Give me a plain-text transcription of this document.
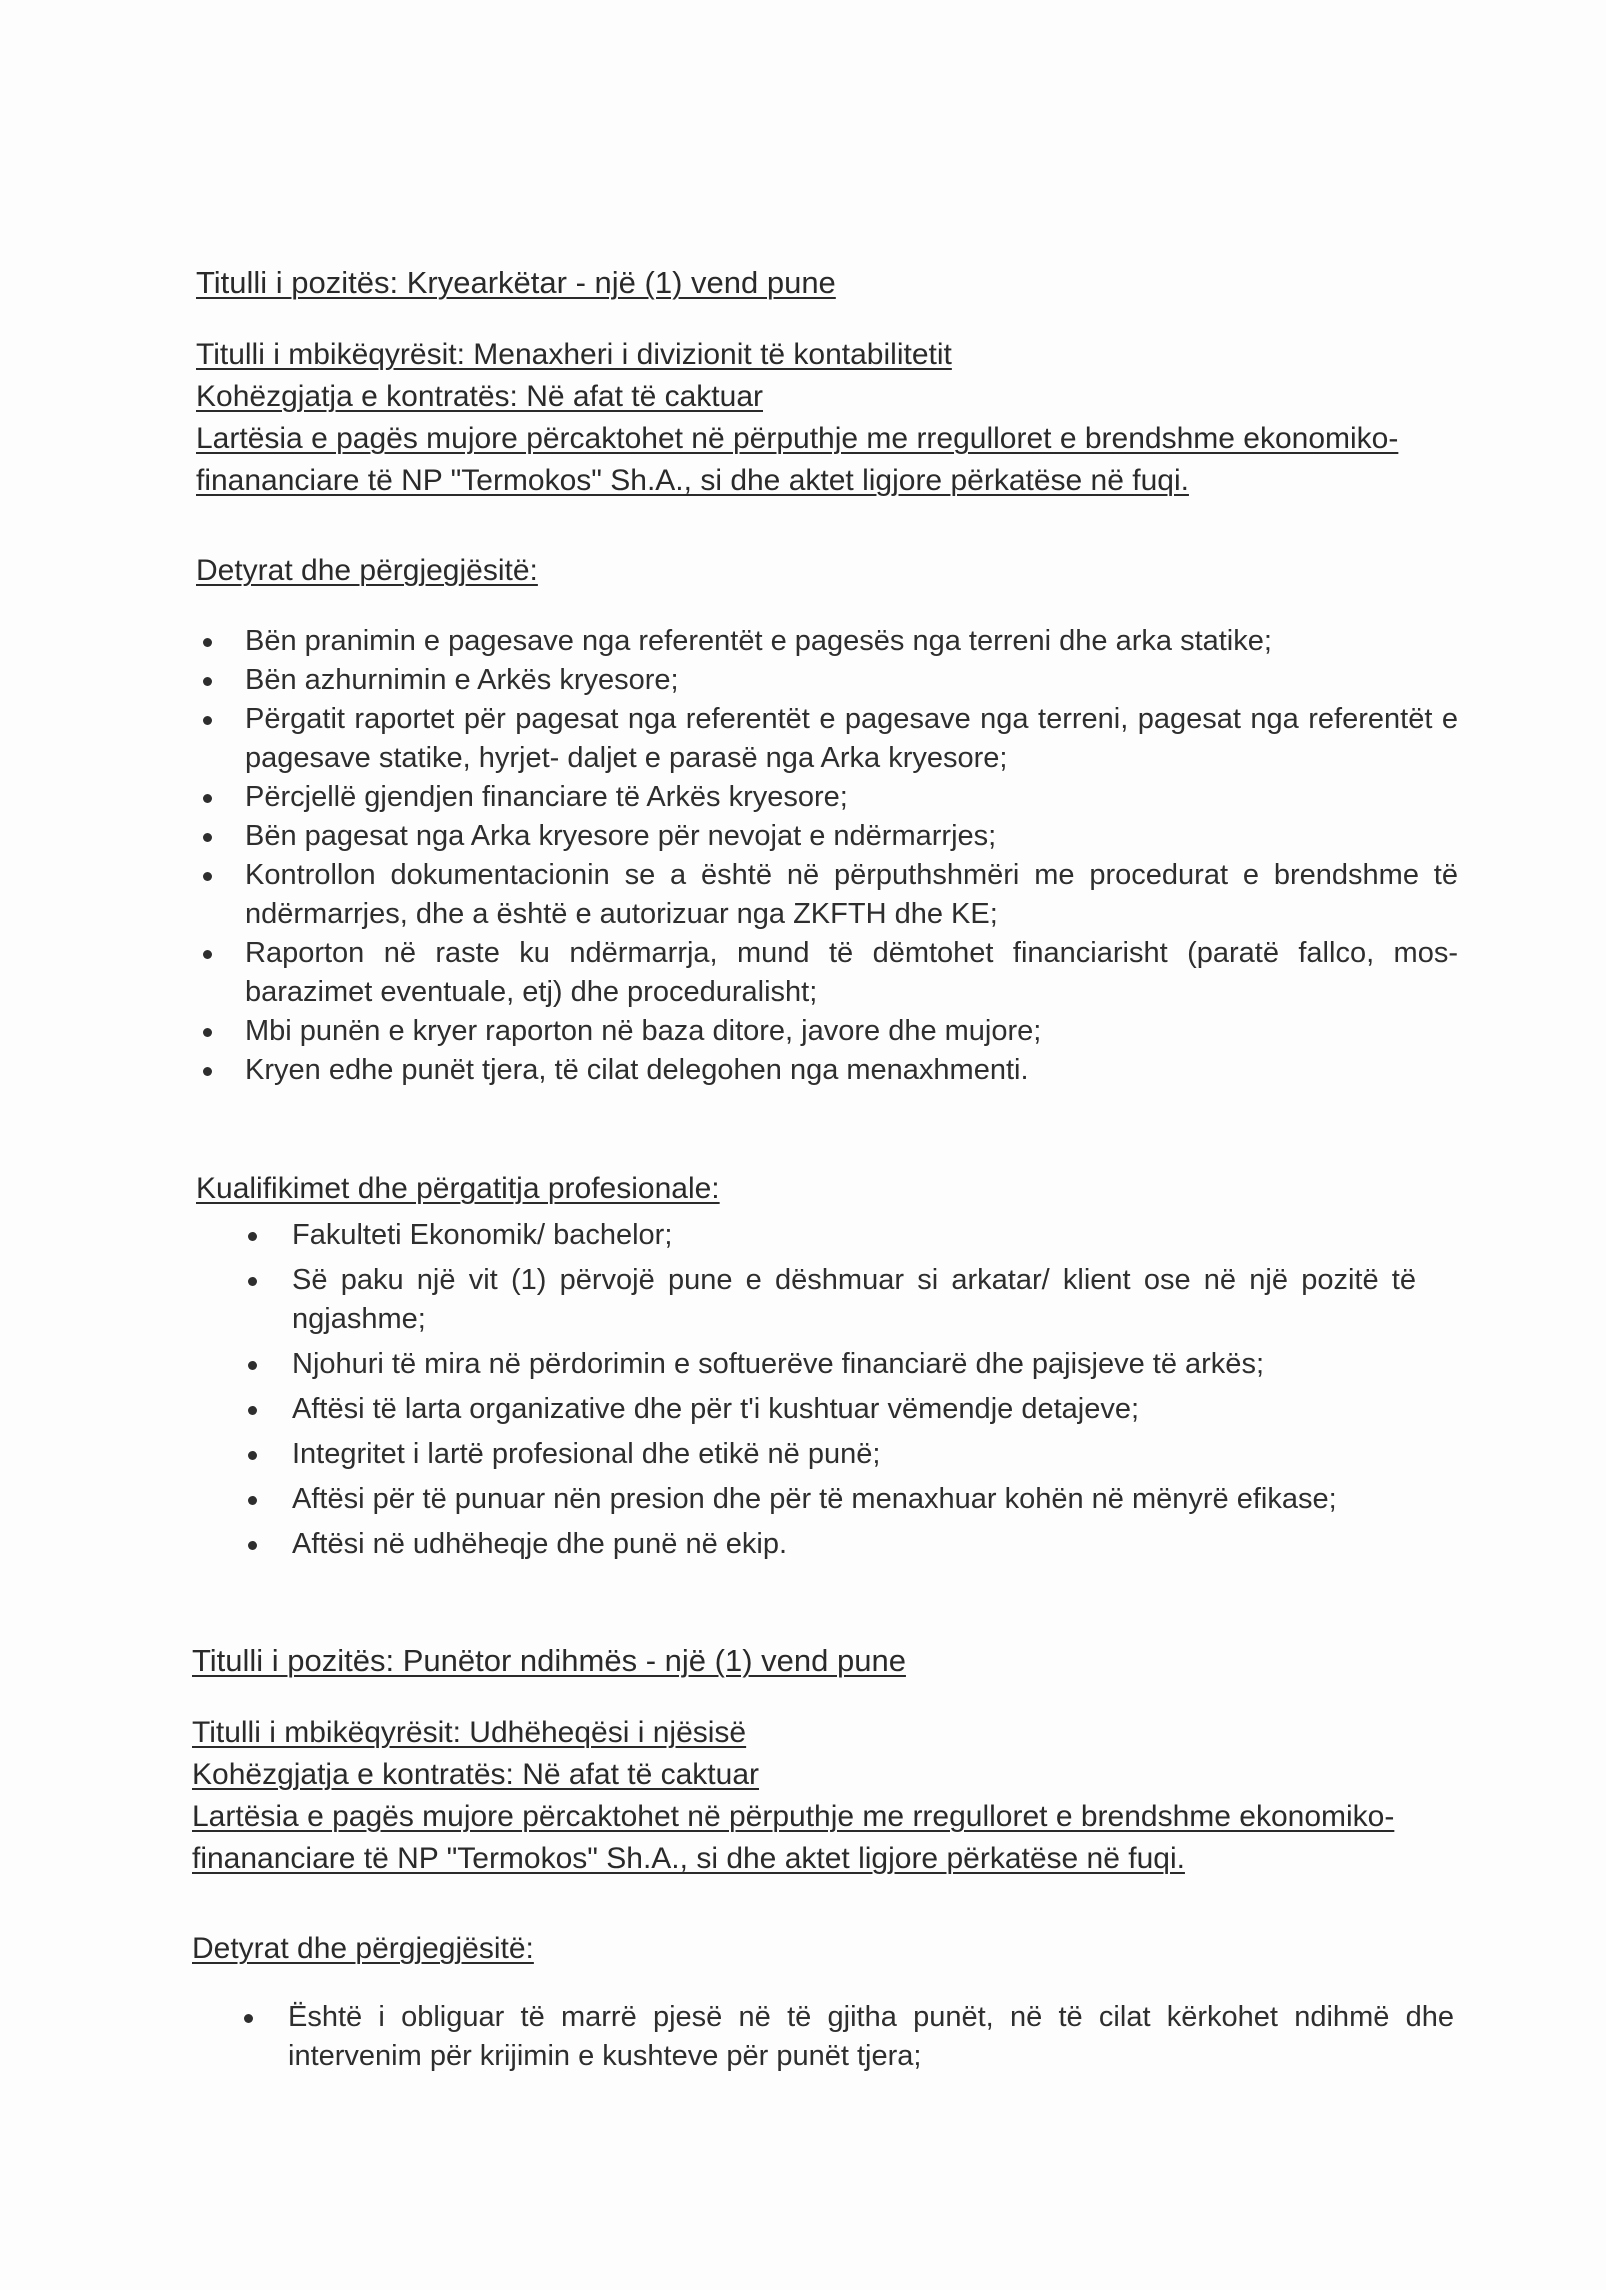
Titulli i pozitës: Kryearkëtar - një (1) vend pune

Titulli i mbikëqyrësit: Menaxheri i divizionit të kontabilitetit

Kohëzgjatja e kontratës: Në afat të caktuar

Lartësia e pagës mujore përcaktohet në përputhje me rregulloret e brendshme ekonomiko-

finananciare të NP "Termokos" Sh.A., si dhe aktet ligjore përkatëse në fuqi.

Detyrat dhe përgjegjësitë:

Bën pranimin e pagesave nga referentët e pagesës nga terreni dhe arka statike;
Bën azhurnimin e Arkës kryesore;
Përgatit raportet për pagesat nga referentët e pagesave nga terreni, pagesat nga referentët e pagesave statike, hyrjet- daljet e parasë nga Arka kryesore;
Përcjellë gjendjen financiare të Arkës kryesore;
Bën pagesat nga Arka kryesore për nevojat e ndërmarrjes;
Kontrollon dokumentacionin se a është në përputhshmëri me procedurat e brendshme të ndërmarrjes, dhe a është e autorizuar nga ZKFTH dhe KE;
Raporton në raste ku ndërmarrja, mund të dëmtohet financiarisht (paratë fallco, mos-barazimet eventuale, etj) dhe proceduralisht;
Mbi punën e kryer raporton në baza ditore, javore dhe mujore;
Kryen edhe punët tjera, të cilat delegohen nga menaxhmenti.

Kualifikimet dhe përgatitja profesionale:

Fakulteti Ekonomik/ bachelor;
Së paku një vit (1) përvojë pune e dëshmuar si arkatar/ klient ose në një pozitë të ngjashme;
Njohuri të mira në përdorimin e softuerëve financiarë dhe pajisjeve të arkës;
Aftësi të larta organizative dhe për t'i kushtuar vëmendje detajeve;
Integritet i lartë profesional dhe etikë në punë;
Aftësi për të punuar nën presion dhe për të menaxhuar kohën në mënyrë efikase;
Aftësi në udhëheqje dhe punë në ekip.

Titulli i pozitës: Punëtor ndihmës - një (1) vend pune

Titulli i mbikëqyrësit: Udhëheqësi i njësisë

Kohëzgjatja e kontratës: Në afat të caktuar

Lartësia e pagës mujore përcaktohet në përputhje me rregulloret e brendshme ekonomiko-

finananciare të NP "Termokos" Sh.A., si dhe aktet ligjore përkatëse në fuqi.

Detyrat dhe përgjegjësitë:

Është i obliguar të marrë pjesë në të gjitha punët, në të cilat kërkohet ndihmë dhe intervenim për krijimin e kushteve për punët tjera;
